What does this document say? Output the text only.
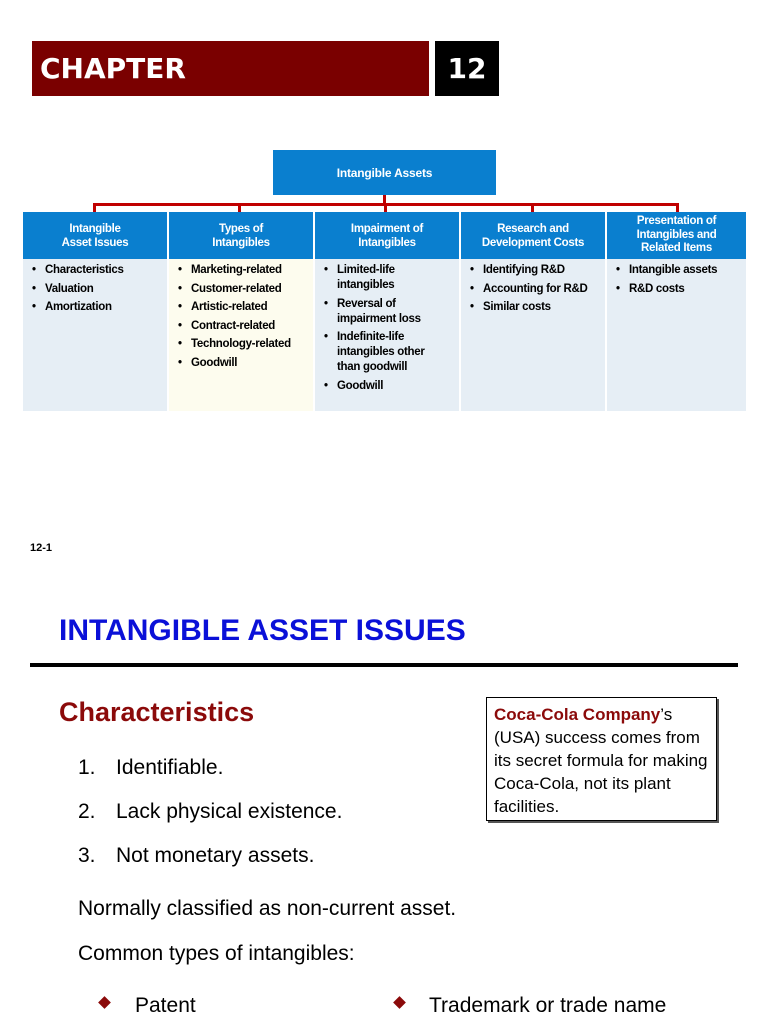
CHAPTER	12
Intangible Assets
Intangible
Asset Issues
Types of
Intangibles
Impairment of
Intangibles
Research and
Development Costs
Presentation of
Intangibles and
Related Items
• Characteristics
• Valuation
• Amortization
• Marketing-related
• Customer-related
• Artistic-related
• Contract-related
• Technology-related
• Goodwill
• Limited-life intangibles
• Reversal of impairment loss
• Indefinite-life intangibles other than goodwill
• Goodwill
• Identifying R&D
• Accounting for R&D
• Similar costs
• Intangible assets
• R&D costs
12-1
INTANGIBLE ASSET ISSUES
Characteristics
1. Identifiable.
2. Lack physical existence.
3. Not monetary assets.
Normally classified as non-current asset.
Common types of intangibles:
Coca-Cola Company’s (USA) success comes from its secret formula for making Coca-Cola, not its plant facilities.
Patent	Trademark or trade name
